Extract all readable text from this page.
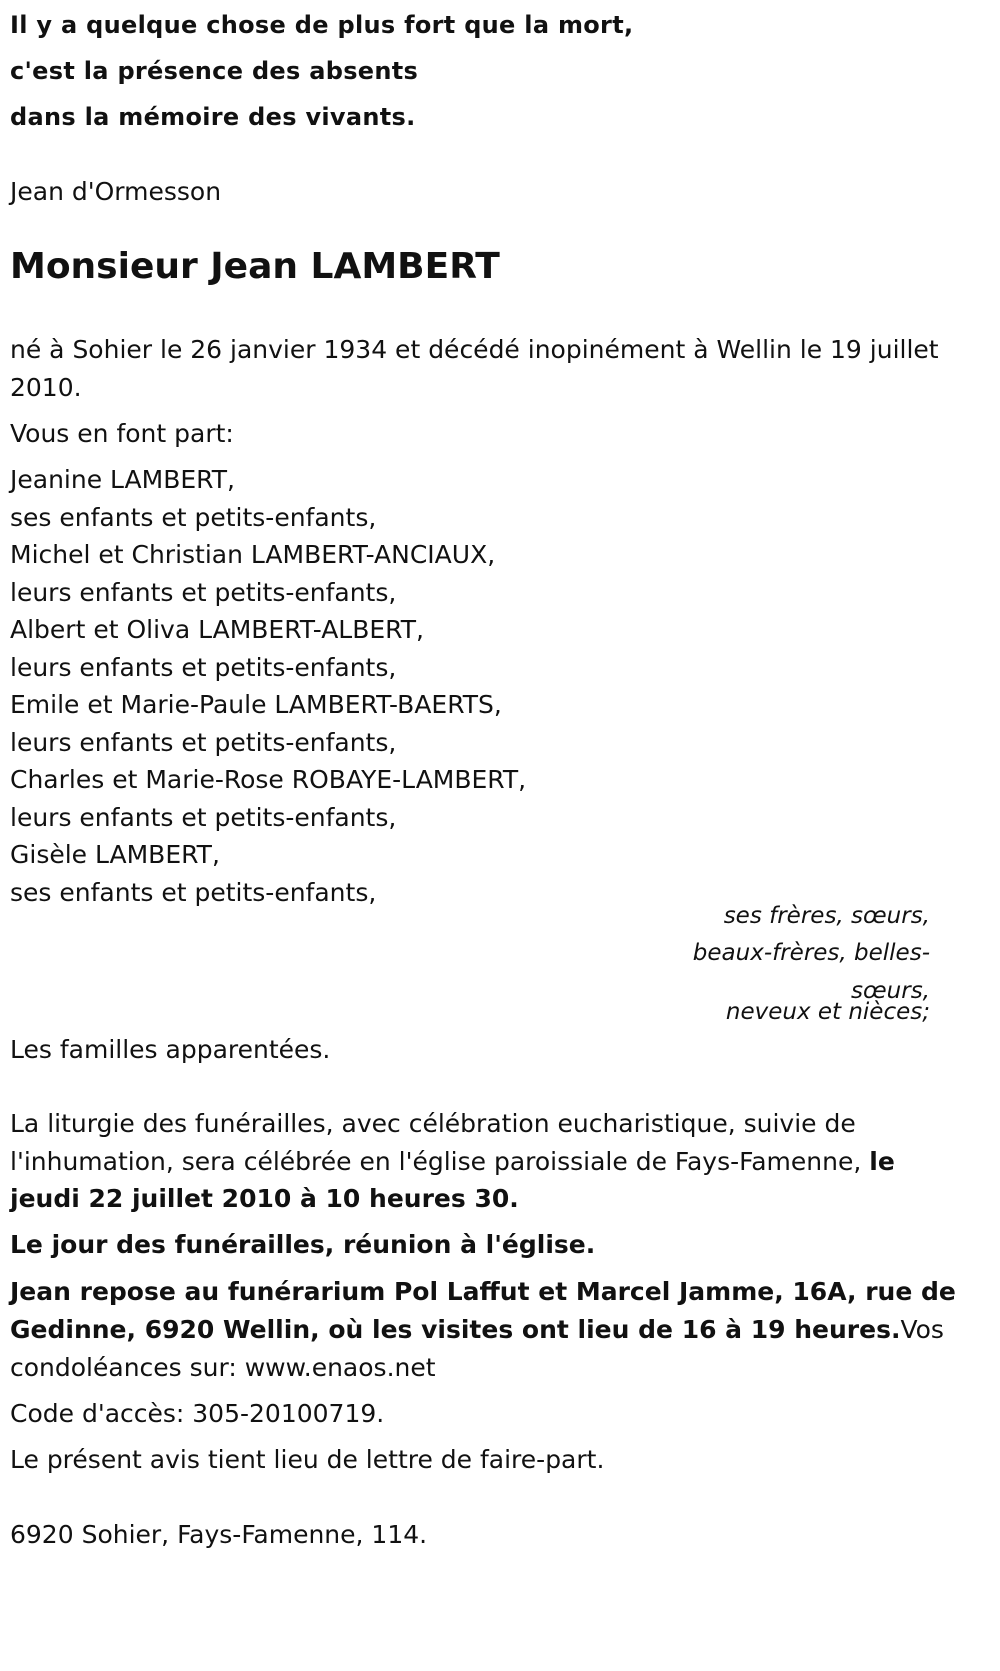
Il y a quelque chose de plus fort que la mort,

c'est la présence des absents

dans la mémoire des vivants.

Jean d'Ormesson

Monsieur Jean LAMBERT

né à Sohier le 26 janvier 1934 et décédé inopinément à Wellin le 19 juillet

2010.

Vous en font part:

Jeanine LAMBERT,

ses enfants et petits-enfants,

Michel et Christian LAMBERT-ANCIAUX,

leurs enfants et petits-enfants,

Albert et Oliva LAMBERT-ALBERT,

leurs enfants et petits-enfants,

Emile et Marie-Paule LAMBERT-BAERTS,

leurs enfants et petits-enfants,

Charles et Marie-Rose ROBAYE-LAMBERT,

leurs enfants et petits-enfants,

Gisèle LAMBERT,

ses enfants et petits-enfants,

ses frères, sœurs,

beaux-frères, belles-

sœurs,

neveux et nièces;

Les familles apparentées.

La liturgie des funérailles, avec célébration eucharistique, suivie de

l'inhumation, sera célébrée en l'église paroissiale de Fays-Famenne, le

jeudi 22 juillet 2010 à 10 heures 30.

Le jour des funérailles, réunion à l'église.

Jean repose au funérarium Pol Laffut et Marcel Jamme, 16A, rue de

Gedinne, 6920 Wellin, où les visites ont lieu de 16 à 19 heures.Vos

condoléances sur: www.enaos.net

Code d'accès: 305-20100719.

Le présent avis tient lieu de lettre de faire-part.

6920 Sohier, Fays-Famenne, 114.
